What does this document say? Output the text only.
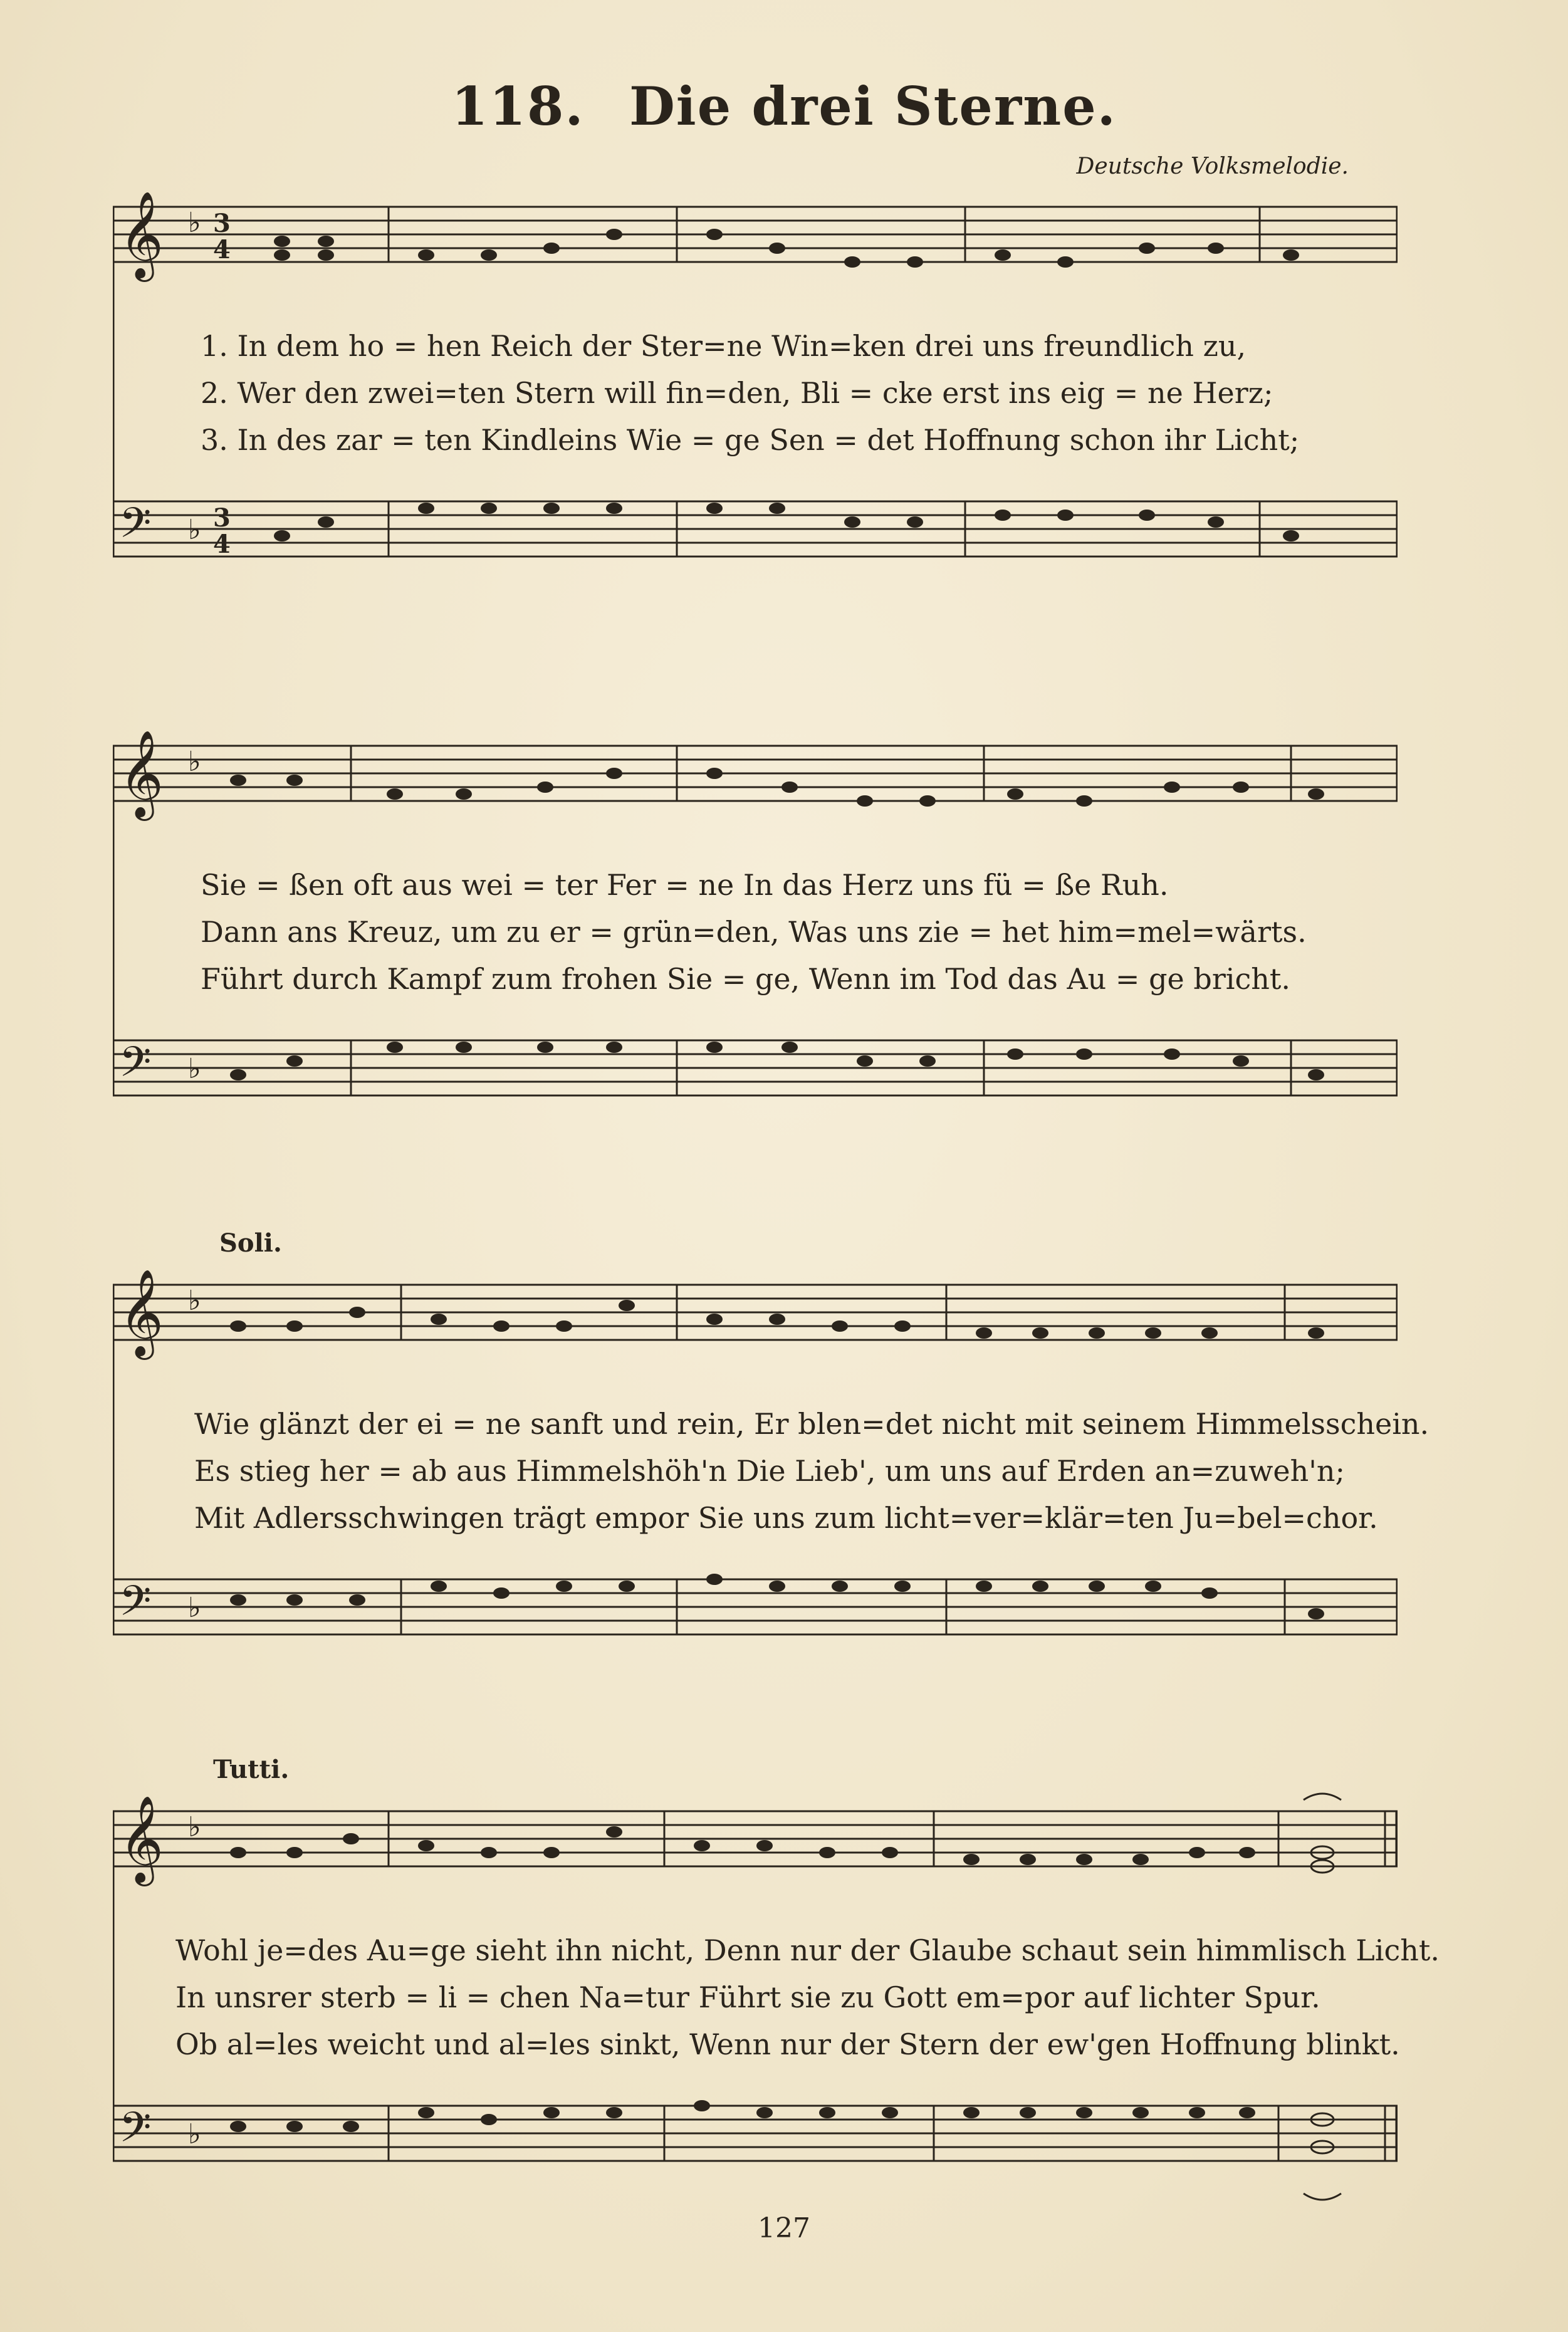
118. Die drei Sterne.
Deutsche Volksmelodie.
𝄞
𝄢
♭
♭
3
4
3
4
1. In dem ho = hen Reich der Ster=ne Win=ken drei uns freundlich zu,
2. Wer den zwei=ten Stern will fin=den, Bli = cke erst ins eig = ne Herz;
3. In des zar = ten Kindleins Wie = ge Sen = det Hoffnung schon ihr Licht;
𝄞
𝄢
♭
♭
Sie = ßen oft aus wei = ter Fer = ne In das Herz uns fü = ße Ruh.
Dann ans Kreuz, um zu er = grün=den, Was uns zie = het him=mel=wärts.
Führt durch Kampf zum frohen Sie = ge, Wenn im Tod das Au = ge bricht.
Soli.
𝄞
𝄢
♭
♭
Wie glänzt der ei = ne sanft und rein, Er blen=det nicht mit seinem Himmelsschein.
Es stieg her = ab aus Himmelshöh'n Die Lieb', um uns auf Erden an=zuweh'n;
Mit Adlersschwingen trägt empor Sie uns zum licht=ver=klär=ten Ju=bel=chor.
Tutti.
𝄞
𝄢
♭
♭
Wohl je=des Au=ge sieht ihn nicht, Denn nur der Glaube schaut sein himmlisch Licht.
In unsrer sterb = li = chen Na=tur Führt sie zu Gott em=por auf lichter Spur.
Ob al=les weicht und al=les sinkt, Wenn nur der Stern der ew'gen Hoffnung blinkt.
127
